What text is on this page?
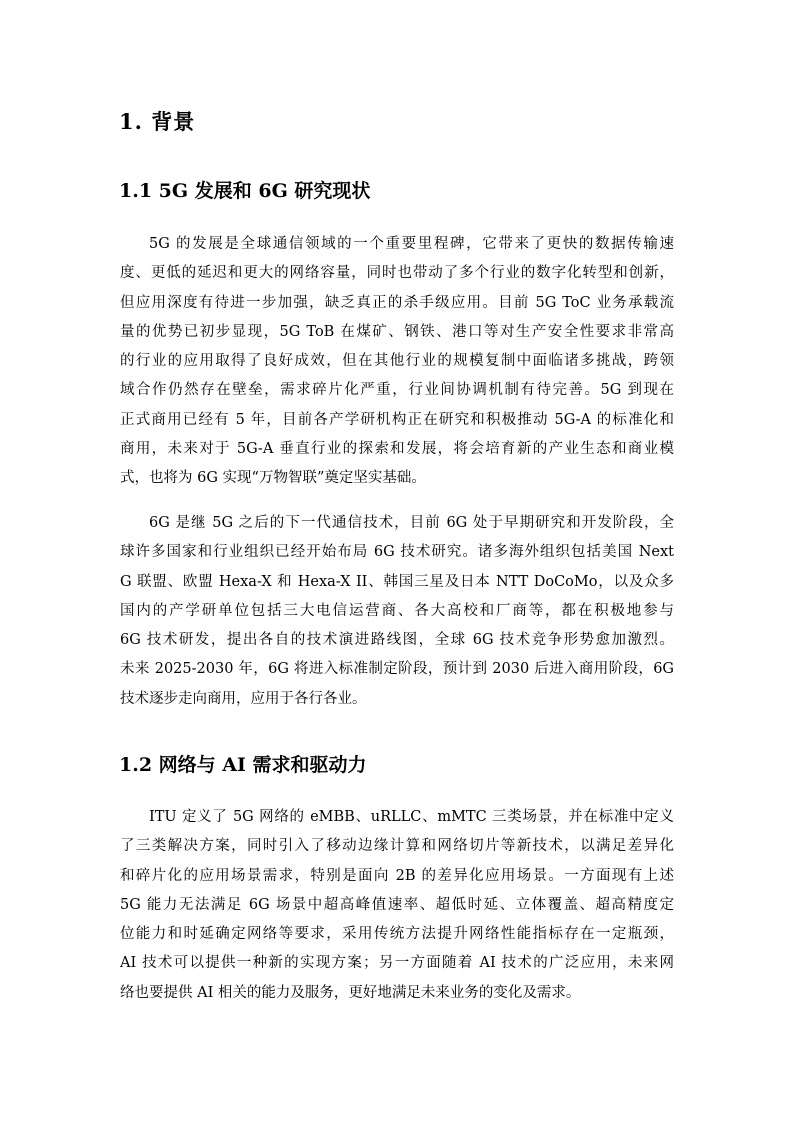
1. 背景
1.1 5G 发展和 6G 研究现状
5G 的发展是全球通信领域的一个重要里程碑，它带来了更快的数据传输速
度、更低的延迟和更大的网络容量，同时也带动了多个行业的数字化转型和创新，
但应用深度有待进一步加强，缺乏真正的杀手级应用。目前 5G ToC 业务承载流
量的优势已初步显现，5G ToB 在煤矿、钢铁、港口等对生产安全性要求非常高
的行业的应用取得了良好成效，但在其他行业的规模复制中面临诸多挑战，跨领
域合作仍然存在壁垒，需求碎片化严重，行业间协调机制有待完善。5G 到现在
正式商用已经有 5 年，目前各产学研机构正在研究和积极推动 5G-A 的标准化和
商用，未来对于 5G-A 垂直行业的探索和发展，将会培育新的产业生态和商业模
式，也将为 6G 实现“万物智联”奠定坚实基础。
6G 是继 5G 之后的下一代通信技术，目前 6G 处于早期研究和开发阶段，全
球许多国家和行业组织已经开始布局 6G 技术研究。诸多海外组织包括美国 Next
G 联盟、欧盟 Hexa-X 和 Hexa-X II、韩国三星及日本 NTT DoCoMo，以及众多
国内的产学研单位包括三大电信运营商、各大高校和厂商等，都在积极地参与
6G 技术研发，提出各自的技术演进路线图，全球 6G 技术竞争形势愈加激烈。
未来 2025-2030 年，6G 将进入标准制定阶段，预计到 2030 后进入商用阶段，6G
技术逐步走向商用，应用于各行各业。
1.2 网络与 AI 需求和驱动力
ITU 定义了 5G 网络的 eMBB、uRLLC、mMTC 三类场景，并在标准中定义
了三类解决方案，同时引入了移动边缘计算和网络切片等新技术，以满足差异化
和碎片化的应用场景需求，特别是面向 2B 的差异化应用场景。一方面现有上述
5G 能力无法满足 6G 场景中超高峰值速率、超低时延、立体覆盖、超高精度定
位能力和时延确定网络等要求，采用传统方法提升网络性能指标存在一定瓶颈，
AI 技术可以提供一种新的实现方案；另一方面随着 AI 技术的广泛应用，未来网
络也要提供 AI 相关的能力及服务，更好地满足未来业务的变化及需求。
